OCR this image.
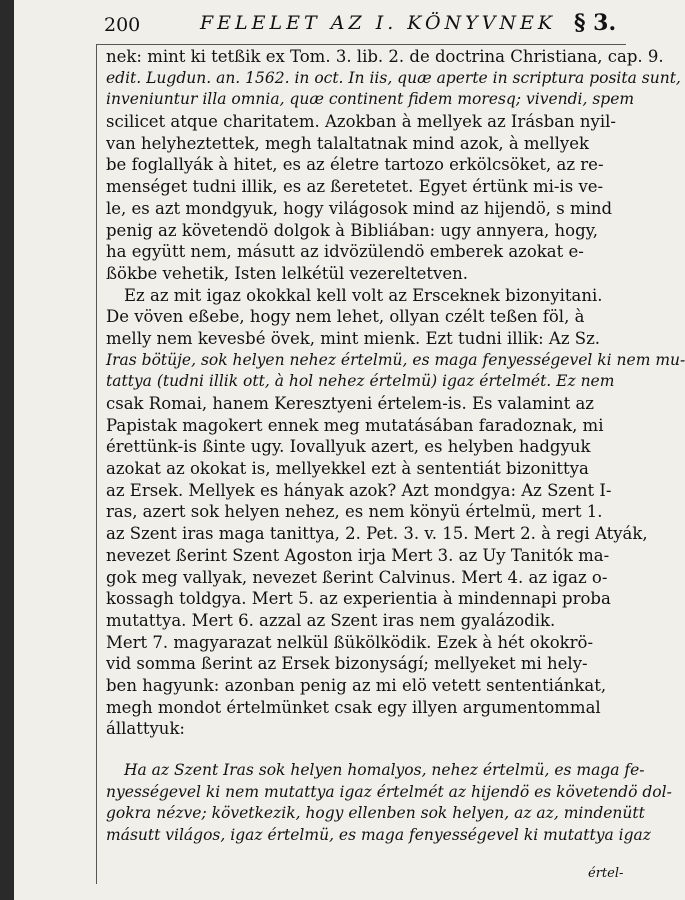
200	FELELET AZ I. KÖNYVNEK § 3.
nek: mint ki tetßik ex Tom. 3. lib. 2. de doctrina Christiana, cap. 9.
edit. Lugdun. an. 1562. in oct. In iis, quæ aperte in scriptura posita sunt,
inveniuntur illa omnia, quæ continent fidem moresq; vivendi, spem
scilicet atque charitatem. Azokban à mellyek az Irásban nyil-
van helyheztettek, megh talaltatnak mind azok, à mellyek
be foglallyák à hitet, es az életre tartozo erkölcsöket, az re-
menséget tudni illik, es az ßeretetet. Egyet értünk mi-is ve-
le, es azt mondgyuk, hogy világosok mind az hijendö, s mind
penig az követendö dolgok à Bibliában: ugy annyera, hogy,
ha együtt nem, másutt az idvözülendö emberek azokat e-
ßökbe vehetik, Isten lelkétül vezereltetven.
Ez az mit igaz okokkal kell volt az Ersceknek bizonyitani.
De vöven eßebe, hogy nem lehet, ollyan czélt teßen föl, à
melly nem kevesbé övek, mint mienk. Ezt tudni illik: Az Sz.
Iras bötüje, sok helyen nehez értelmü, es maga fenyességevel ki nem mu-
tattya (tudni illik ott, à hol nehez értelmü) igaz értelmét. Ez nem
csak Romai, hanem Keresztyeni értelem-is. Es valamint az
Papistak magokert ennek meg mutatásában faradoznak, mi
érettünk-is ßinte ugy. Iovallyuk azert, es helyben hadgyuk
azokat az okokat is, mellyekkel ezt à sententiát bizonittya
az Ersek. Mellyek es hányak azok? Azt mondgya: Az Szent I-
ras, azert sok helyen nehez, es nem könyü értelmü, mert 1.
az Szent iras maga tanittya, 2. Pet. 3. v. 15. Mert 2. à regi Atyák,
nevezet ßerint Szent Agoston irja Mert 3. az Uy Tanitók ma-
gok meg vallyak, nevezet ßerint Calvinus. Mert 4. az igaz o-
kossagh toldgya. Mert 5. az experientia à mindennapi proba
mutattya. Mert 6. azzal az Szent iras nem gyalázodik.
Mert 7. magyarazat nelkül ßükölködik. Ezek à hét okokrö-
vid somma ßerint az Ersek bizonyságí; mellyeket mi hely-
ben hagyunk: azonban penig az mi elö vetett sententiánkat,
megh mondot értelmünket csak egy illyen argumentommal
állattyuk:
Ha az Szent Iras sok helyen homalyos, nehez értelmü, es maga fe-
nyességevel ki nem mutattya igaz értelmét az hijendö es követendö dol-
gokra nézve; következik, hogy ellenben sok helyen, az az, mindenütt
másutt világos, igaz értelmü, es maga fenyességevel ki mutattya igaz
értel-
